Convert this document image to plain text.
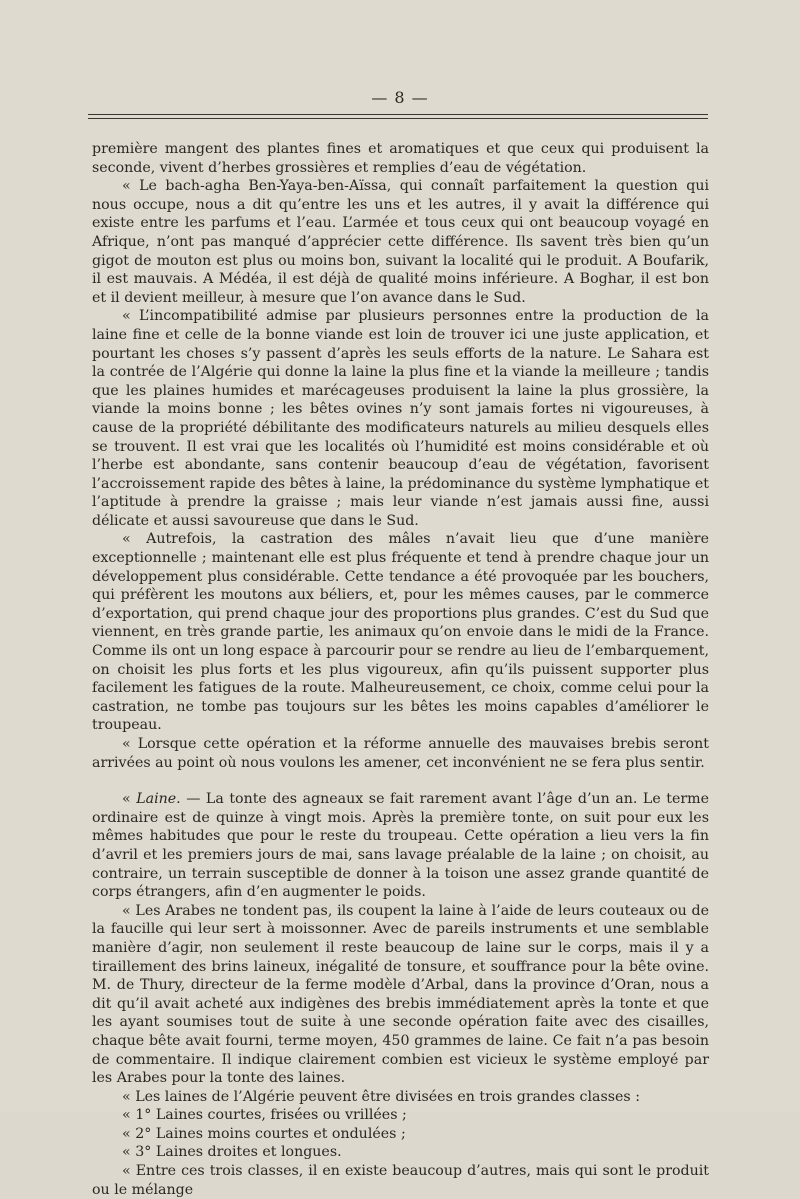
— 8 —

première mangent des plantes fines et aromatiques et que ceux qui produisent la seconde, vivent d’herbes grossières et remplies d’eau de végétation.

« Le bach-agha Ben-Yaya-ben-Aïssa, qui connaît parfaitement la question qui nous occupe, nous a dit qu’entre les uns et les autres, il y avait la différence qui existe entre les parfums et l’eau. L’armée et tous ceux qui ont beaucoup voyagé en Afrique, n’ont pas manqué d’apprécier cette différence. Ils savent très bien qu’un gigot de mouton est plus ou moins bon, suivant la localité qui le produit. A Boufarik, il est mauvais. A Médéa, il est déjà de qualité moins inférieure. A Boghar, il est bon et il devient meilleur, à mesure que l’on avance dans le Sud.

« L’incompatibilité admise par plusieurs personnes entre la production de la laine fine et celle de la bonne viande est loin de trouver ici une juste application, et pourtant les choses s’y passent d’après les seuls efforts de la nature. Le Sahara est la contrée de l’Algérie qui donne la laine la plus fine et la viande la meilleure ; tandis que les plaines humides et marécageuses produisent la laine la plus grossière, la viande la moins bonne ; les bêtes ovines n’y sont jamais fortes ni vigoureuses, à cause de la propriété débilitante des modificateurs naturels au milieu desquels elles se trouvent. Il est vrai que les localités où l’humidité est moins considérable et où l’herbe est abondante, sans contenir beaucoup d’eau de végétation, favorisent l’accroissement rapide des bêtes à laine, la prédominance du système lymphatique et l’aptitude à prendre la graisse ; mais leur viande n’est jamais aussi fine, aussi délicate et aussi savoureuse que dans le Sud.

« Autrefois, la castration des mâles n’avait lieu que d’une manière exceptionnelle ; maintenant elle est plus fréquente et tend à prendre chaque jour un développement plus considérable. Cette tendance a été provoquée par les bouchers, qui préfèrent les moutons aux béliers, et, pour les mêmes causes, par le commerce d’exportation, qui prend chaque jour des proportions plus grandes. C’est du Sud que viennent, en très grande partie, les animaux qu’on envoie dans le midi de la France. Comme ils ont un long espace à parcourir pour se rendre au lieu de l’embarquement, on choisit les plus forts et les plus vigoureux, afin qu’ils puissent supporter plus facilement les fatigues de la route. Malheureusement, ce choix, comme celui pour la castration, ne tombe pas toujours sur les bêtes les moins capables d’améliorer le troupeau.

« Lorsque cette opération et la réforme annuelle des mauvaises brebis seront arrivées au point où nous voulons les amener, cet inconvénient ne se fera plus sentir.

« Laine. — La tonte des agneaux se fait rarement avant l’âge d’un an. Le terme ordinaire est de quinze à vingt mois. Après la première tonte, on suit pour eux les mêmes habitudes que pour le reste du troupeau. Cette opération a lieu vers la fin d’avril et les premiers jours de mai, sans lavage préalable de la laine ; on choisit, au contraire, un terrain susceptible de donner à la toison une assez grande quantité de corps étrangers, afin d’en augmenter le poids.

« Les Arabes ne tondent pas, ils coupent la laine à l’aide de leurs couteaux ou de la faucille qui leur sert à moissonner. Avec de pareils instruments et une semblable manière d’agir, non seulement il reste beaucoup de laine sur le corps, mais il y a tiraillement des brins laineux, inégalité de tonsure, et souffrance pour la bête ovine. M. de Thury, directeur de la ferme modèle d’Arbal, dans la province d’Oran, nous a dit qu’il avait acheté aux indigènes des brebis immédiatement après la tonte et que les ayant soumises tout de suite à une seconde opération faite avec des cisailles, chaque bête avait fourni, terme moyen, 450 grammes de laine. Ce fait n’a pas besoin de commentaire. Il indique clairement combien est vicieux le système employé par les Arabes pour la tonte des laines.

« Les laines de l’Algérie peuvent être divisées en trois grandes classes :

« 1° Laines courtes, frisées ou vrillées ;

« 2° Laines moins courtes et ondulées ;

« 3° Laines droites et longues.

« Entre ces trois classes, il en existe beaucoup d’autres, mais qui sont le produit ou le mélange
